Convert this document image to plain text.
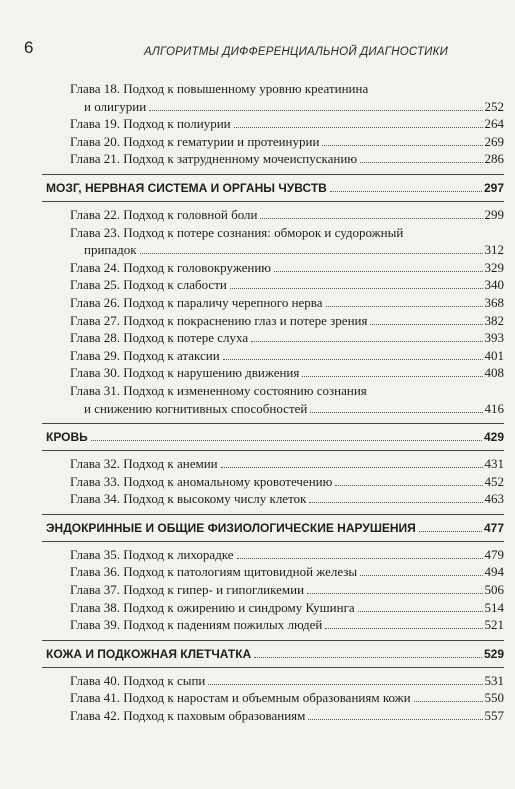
6	АЛГОРИТМЫ ДИФФЕРЕНЦИАЛЬНОЙ ДИАГНОСТИКИ
Глава 18. Подход к повышенному уровню креатинина
и олигурии	252
Глава 19. Подход к полиурии	264
Глава 20. Подход к гематурии и протеинурии	269
Глава 21. Подход к затрудненному мочеиспусканию	286
МОЗГ, НЕРВНАЯ СИСТЕМА И ОРГАНЫ ЧУВСТВ	297
Глава 22. Подход к головной боли	299
Глава 23. Подход к потере сознания: обморок и судорожный
припадок	312
Глава 24. Подход к головокружению	329
Глава 25. Подход к слабости	340
Глава 26. Подход к параличу черепного нерва	368
Глава 27. Подход к покраснению глаз и потере зрения	382
Глава 28. Подход к потере слуха	393
Глава 29. Подход к атаксии	401
Глава 30. Подход к нарушению движения	408
Глава 31. Подход к измененному состоянию сознания
и снижению когнитивных способностей	416
КРОВЬ	429
Глава 32. Подход к анемии	431
Глава 33. Подход к аномальному кровотечению	452
Глава 34. Подход к высокому числу клеток	463
ЭНДОКРИННЫЕ И ОБЩИЕ ФИЗИОЛОГИЧЕСКИЕ НАРУШЕНИЯ	477
Глава 35. Подход к лихорадке	479
Глава 36. Подход к патологиям щитовидной железы	494
Глава 37. Подход к гипер- и гипогликемии	506
Глава 38. Подход к ожирению и синдрому Кушинга	514
Глава 39. Подход к падениям пожилых людей	521
КОЖА И ПОДКОЖНАЯ КЛЕТЧАТКА	529
Глава 40. Подход к сыпи	531
Глава 41. Подход к наростам и объемным образованиям кожи	550
Глава 42. Подход к паховым образованиям	557
